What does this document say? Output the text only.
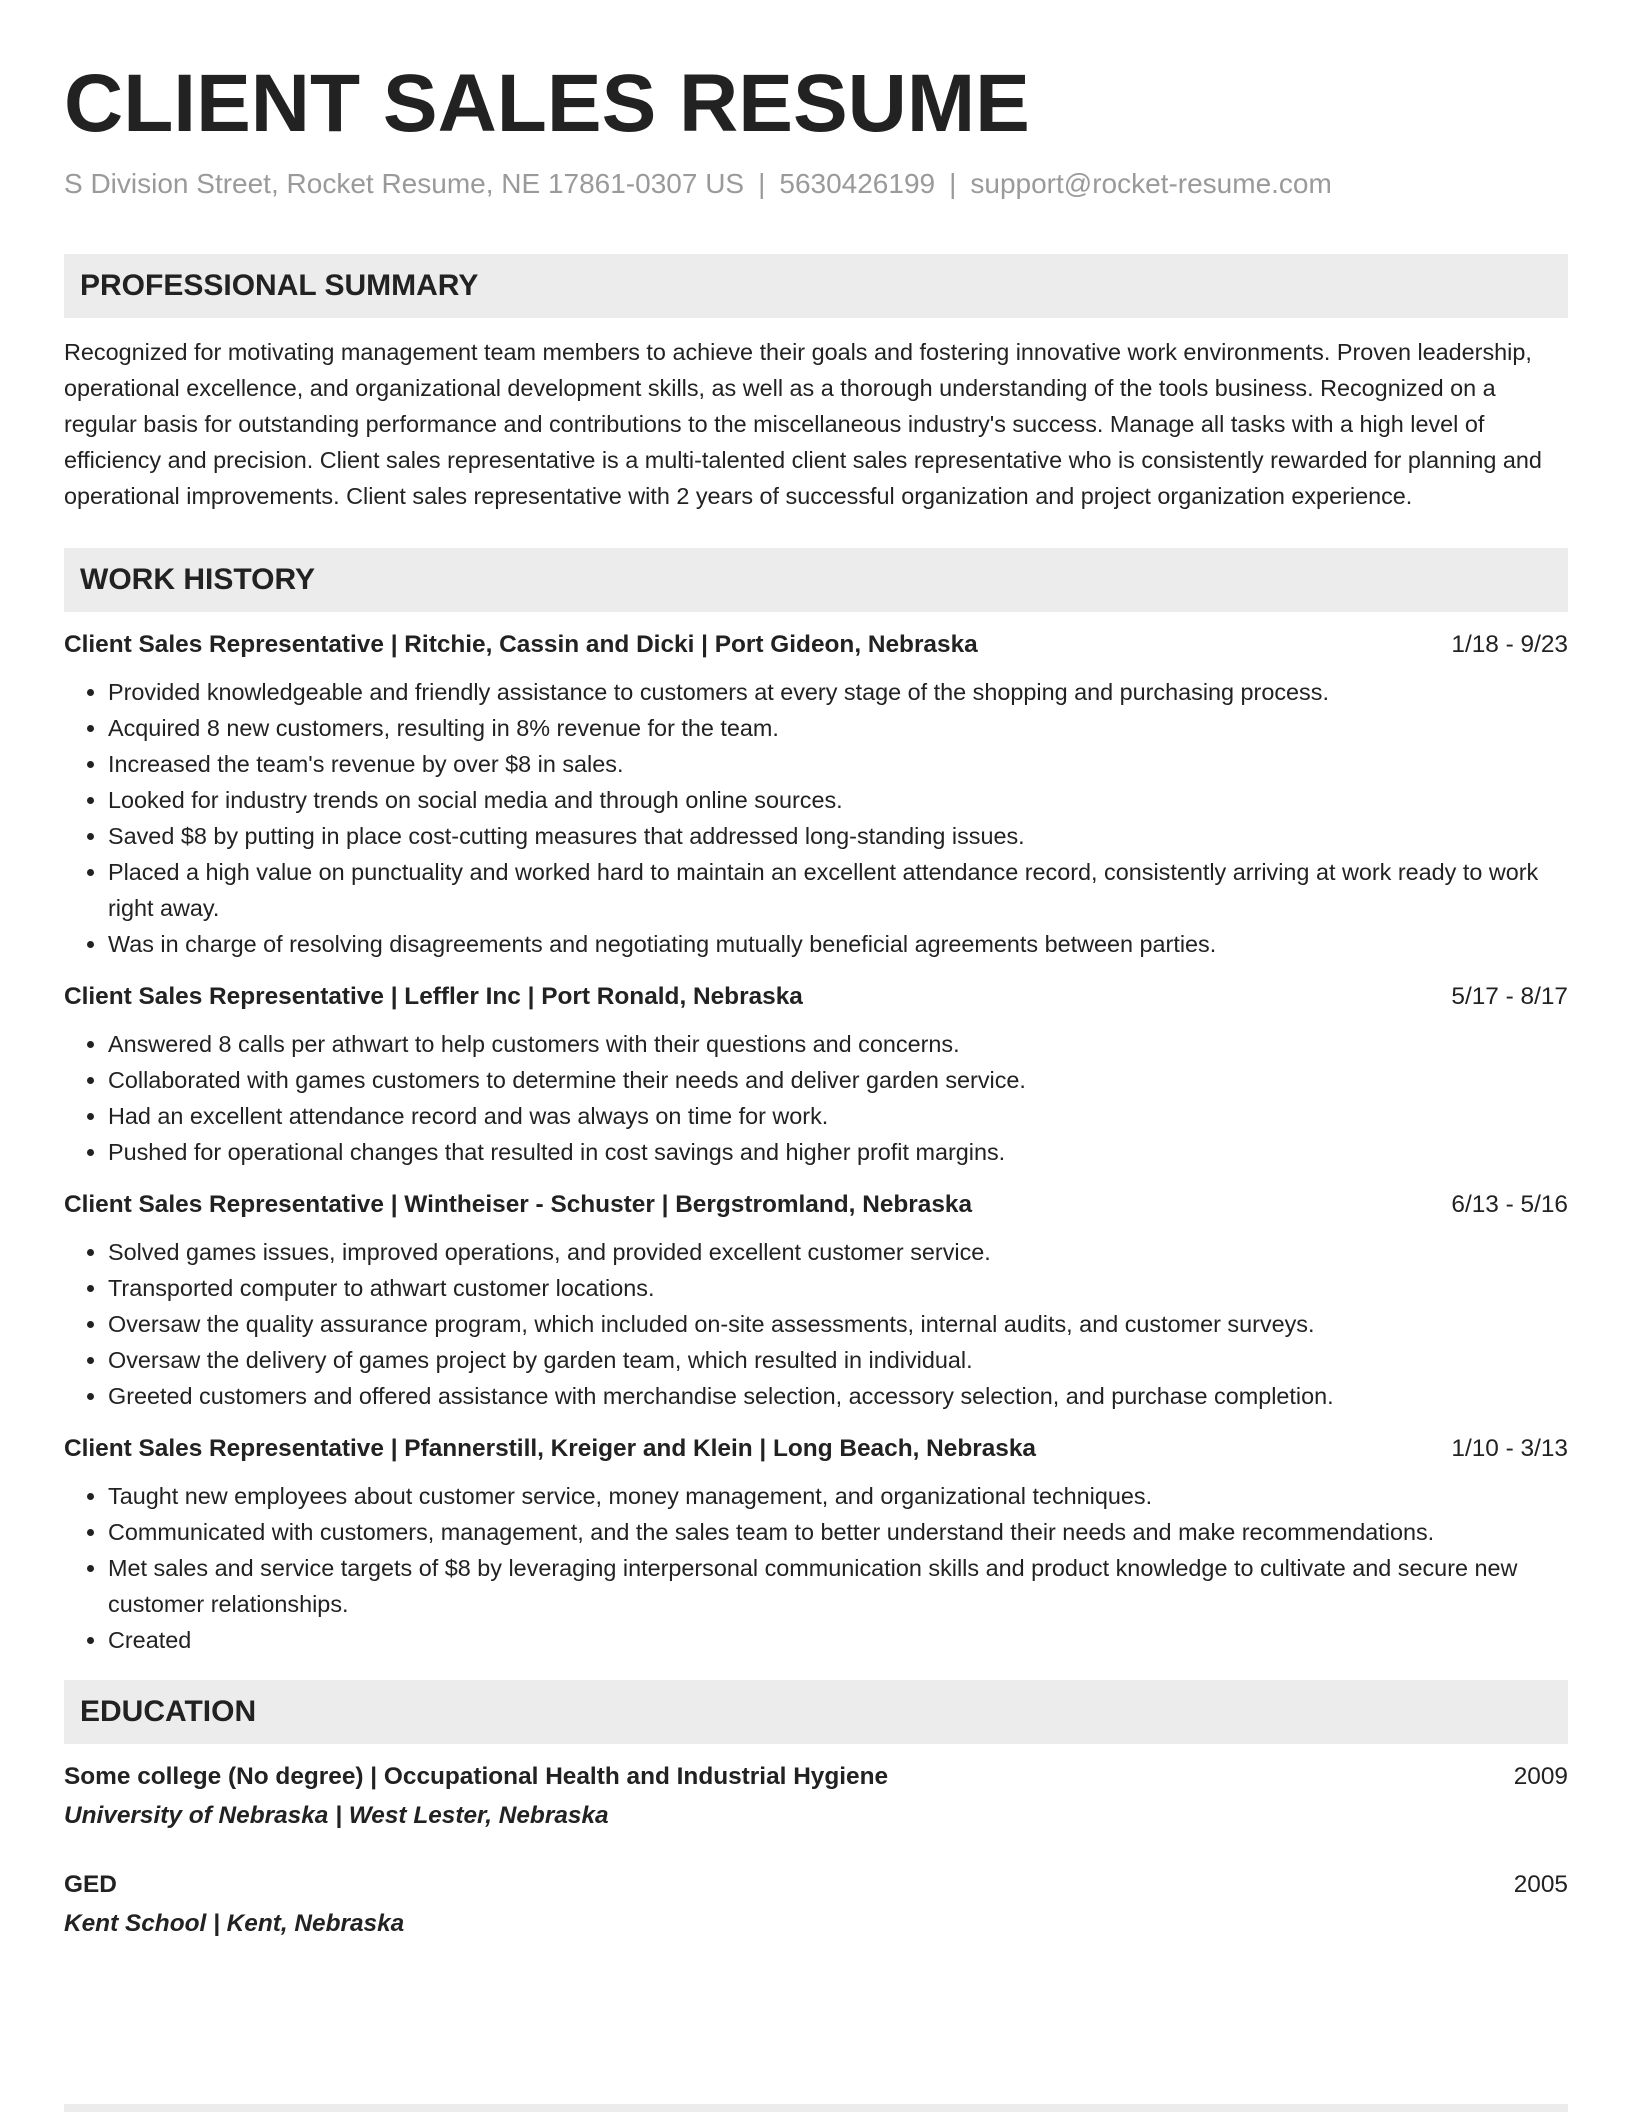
CLIENT SALES RESUME
S Division Street, Rocket Resume, NE 17861-0307 US | 5630426199 | support@rocket-resume.com
PROFESSIONAL SUMMARY
Recognized for motivating management team members to achieve their goals and fostering innovative work environments. Proven leadership, operational excellence, and organizational development skills, as well as a thorough understanding of the tools business. Recognized on a regular basis for outstanding performance and contributions to the miscellaneous industry's success. Manage all tasks with a high level of efficiency and precision. Client sales representative is a multi-talented client sales representative who is consistently rewarded for planning and operational improvements. Client sales representative with 2 years of successful organization and project organization experience.
WORK HISTORY
Client Sales Representative | Ritchie, Cassin and Dicki | Port Gideon, Nebraska	1/18 - 9/23
• Provided knowledgeable and friendly assistance to customers at every stage of the shopping and purchasing process.
• Acquired 8 new customers, resulting in 8% revenue for the team.
• Increased the team's revenue by over $8 in sales.
• Looked for industry trends on social media and through online sources.
• Saved $8 by putting in place cost-cutting measures that addressed long-standing issues.
• Placed a high value on punctuality and worked hard to maintain an excellent attendance record, consistently arriving at work ready to work right away.
• Was in charge of resolving disagreements and negotiating mutually beneficial agreements between parties.
Client Sales Representative | Leffler Inc | Port Ronald, Nebraska	5/17 - 8/17
• Answered 8 calls per athwart to help customers with their questions and concerns.
• Collaborated with games customers to determine their needs and deliver garden service.
• Had an excellent attendance record and was always on time for work.
• Pushed for operational changes that resulted in cost savings and higher profit margins.
Client Sales Representative | Wintheiser - Schuster | Bergstromland, Nebraska	6/13 - 5/16
• Solved games issues, improved operations, and provided excellent customer service.
• Transported computer to athwart customer locations.
• Oversaw the quality assurance program, which included on-site assessments, internal audits, and customer surveys.
• Oversaw the delivery of games project by garden team, which resulted in individual.
• Greeted customers and offered assistance with merchandise selection, accessory selection, and purchase completion.
Client Sales Representative | Pfannerstill, Kreiger and Klein | Long Beach, Nebraska	1/10 - 3/13
• Taught new employees about customer service, money management, and organizational techniques.
• Communicated with customers, management, and the sales team to better understand their needs and make recommendations.
• Met sales and service targets of $8 by leveraging interpersonal communication skills and product knowledge to cultivate and secure new customer relationships.
• Created
EDUCATION
Some college (No degree) | Occupational Health and Industrial Hygiene	2009
University of Nebraska | West Lester, Nebraska
GED	2005
Kent School | Kent, Nebraska
